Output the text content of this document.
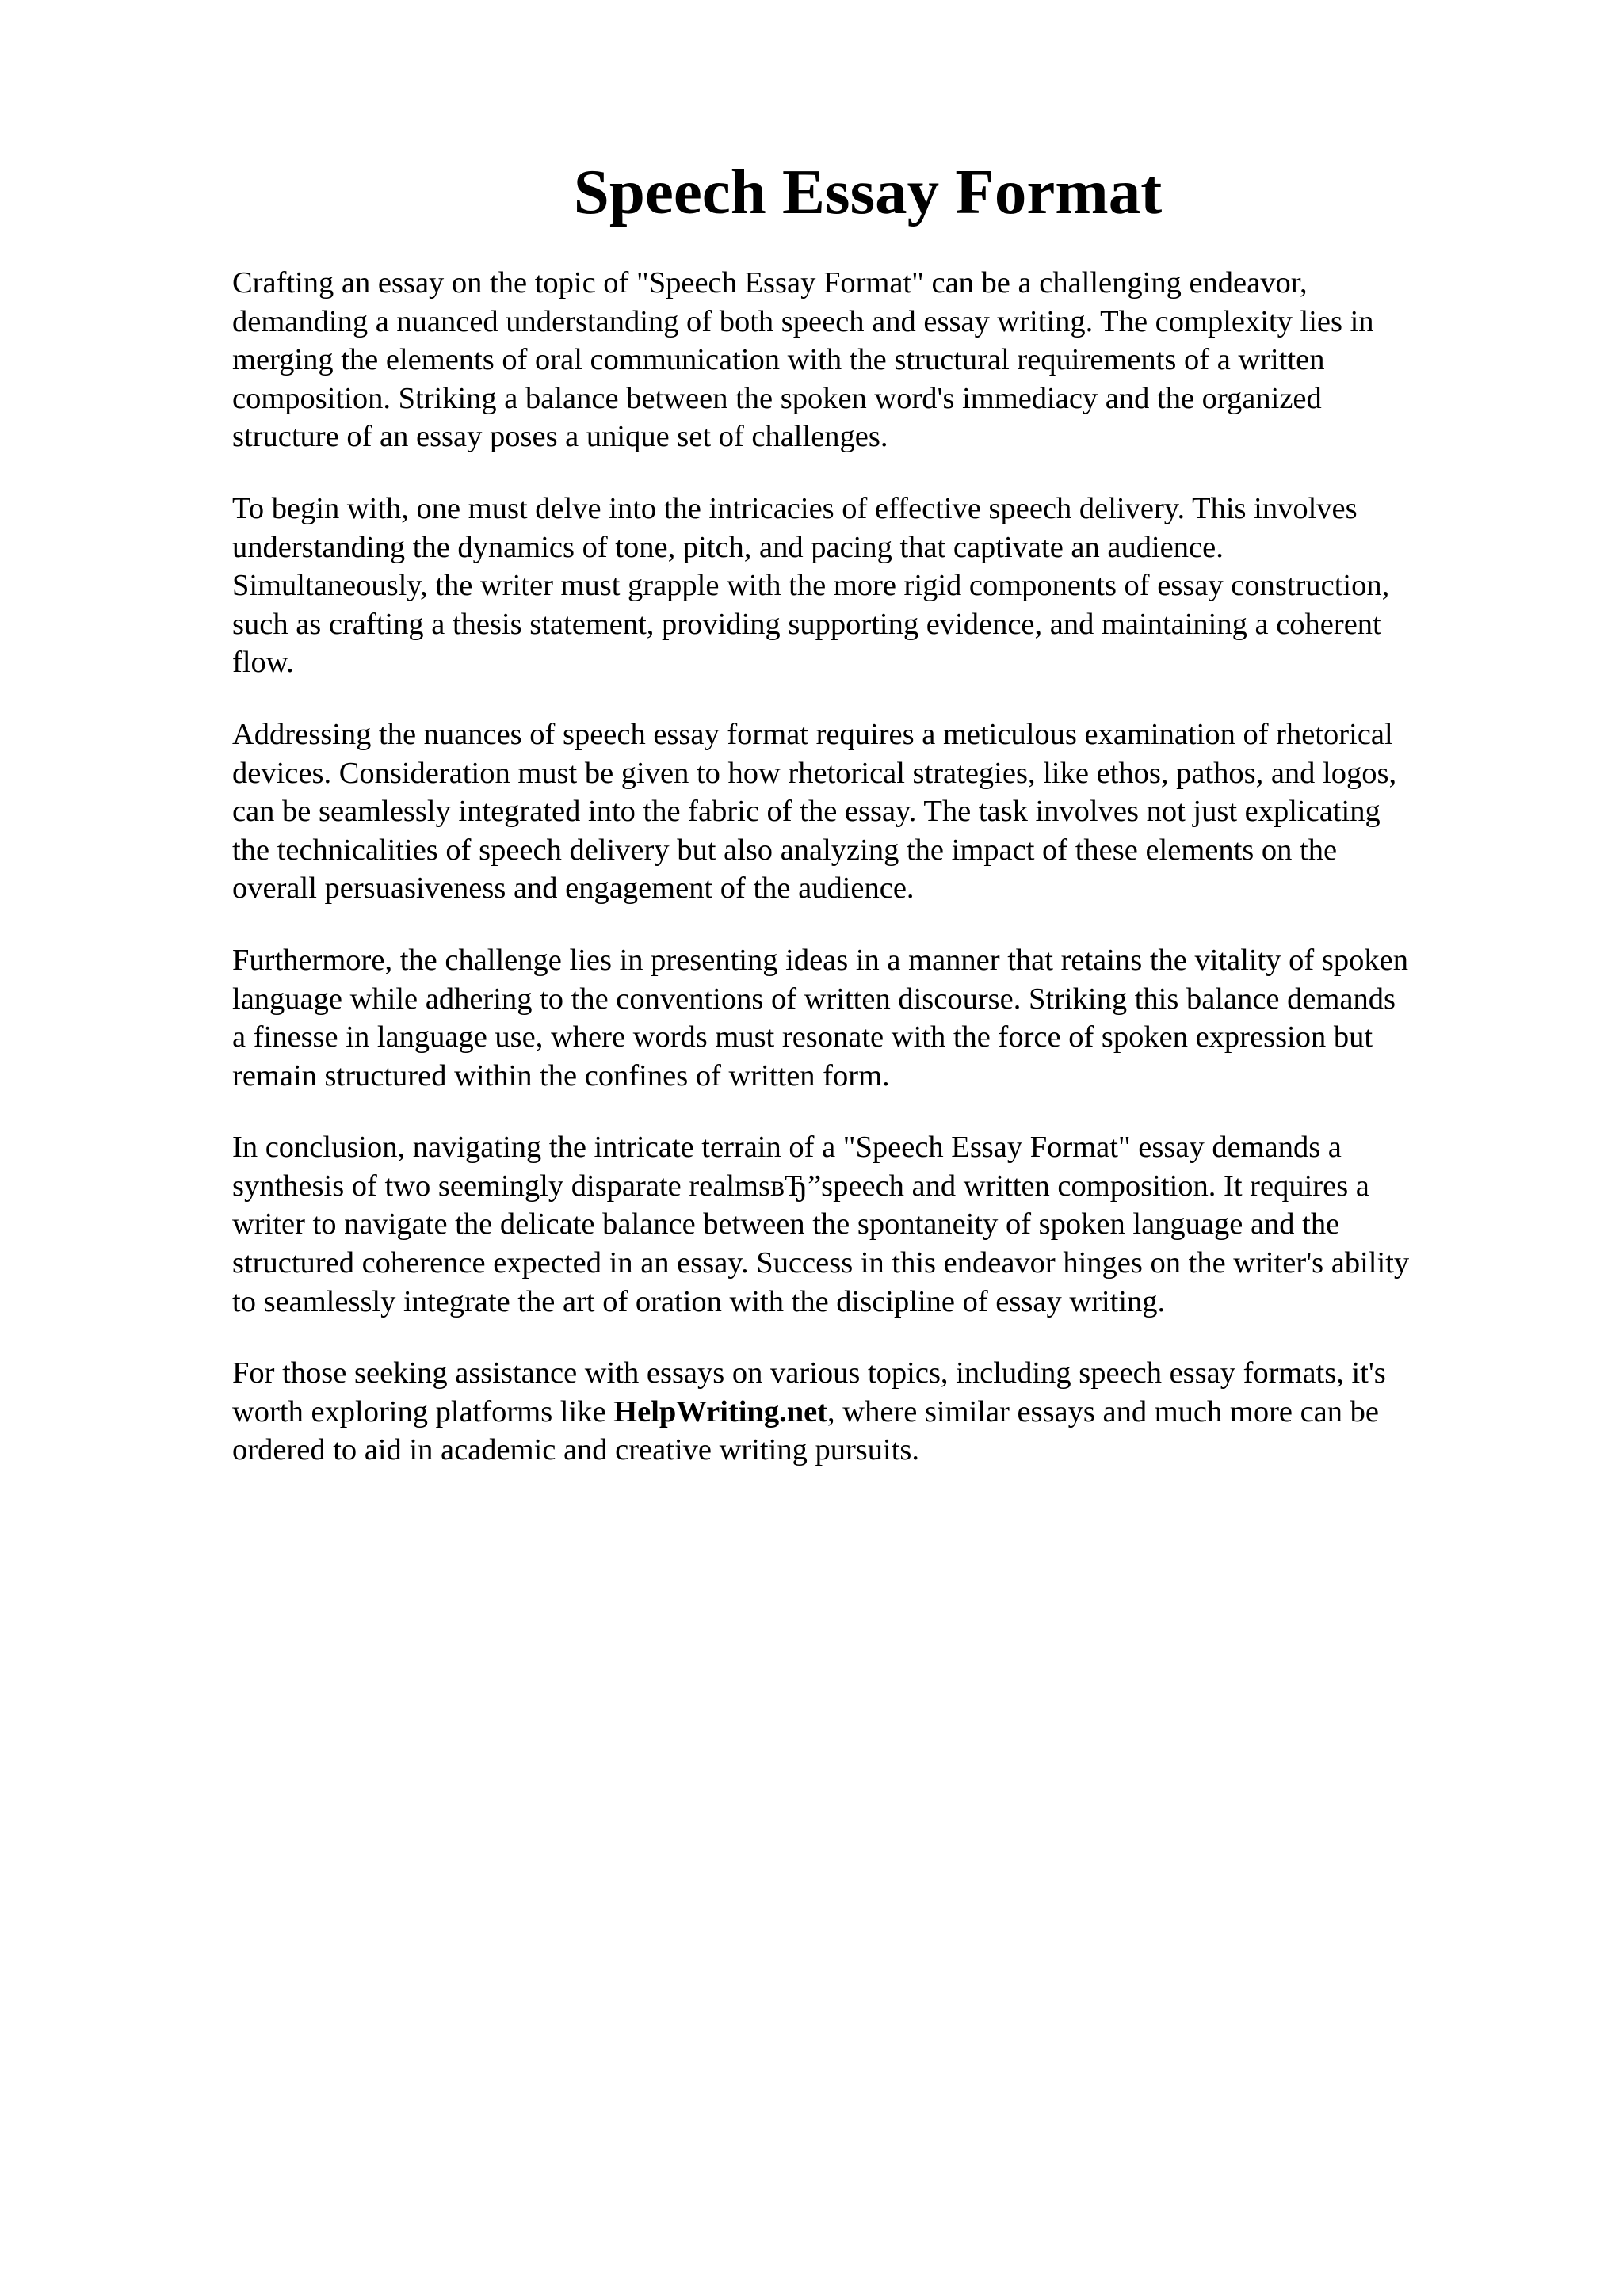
Speech Essay Format

Crafting an essay on the topic of "Speech Essay Format" can be a challenging endeavor,
demanding a nuanced understanding of both speech and essay writing. The complexity lies in
merging the elements of oral communication with the structural requirements of a written
composition. Striking a balance between the spoken word's immediacy and the organized
structure of an essay poses a unique set of challenges.

To begin with, one must delve into the intricacies of effective speech delivery. This involves
understanding the dynamics of tone, pitch, and pacing that captivate an audience.
Simultaneously, the writer must grapple with the more rigid components of essay construction,
such as crafting a thesis statement, providing supporting evidence, and maintaining a coherent
flow.

Addressing the nuances of speech essay format requires a meticulous examination of rhetorical
devices. Consideration must be given to how rhetorical strategies, like ethos, pathos, and logos,
can be seamlessly integrated into the fabric of the essay. The task involves not just explicating
the technicalities of speech delivery but also analyzing the impact of these elements on the
overall persuasiveness and engagement of the audience.

Furthermore, the challenge lies in presenting ideas in a manner that retains the vitality of spoken
language while adhering to the conventions of written discourse. Striking this balance demands
a finesse in language use, where words must resonate with the force of spoken expression but
remain structured within the confines of written form.

In conclusion, navigating the intricate terrain of a "Speech Essay Format" essay demands a
synthesis of two seemingly disparate realmsвЂ”speech and written composition. It requires a
writer to navigate the delicate balance between the spontaneity of spoken language and the
structured coherence expected in an essay. Success in this endeavor hinges on the writer's ability
to seamlessly integrate the art of oration with the discipline of essay writing.

For those seeking assistance with essays on various topics, including speech essay formats, it's
worth exploring platforms like HelpWriting.net, where similar essays and much more can be
ordered to aid in academic and creative writing pursuits.
